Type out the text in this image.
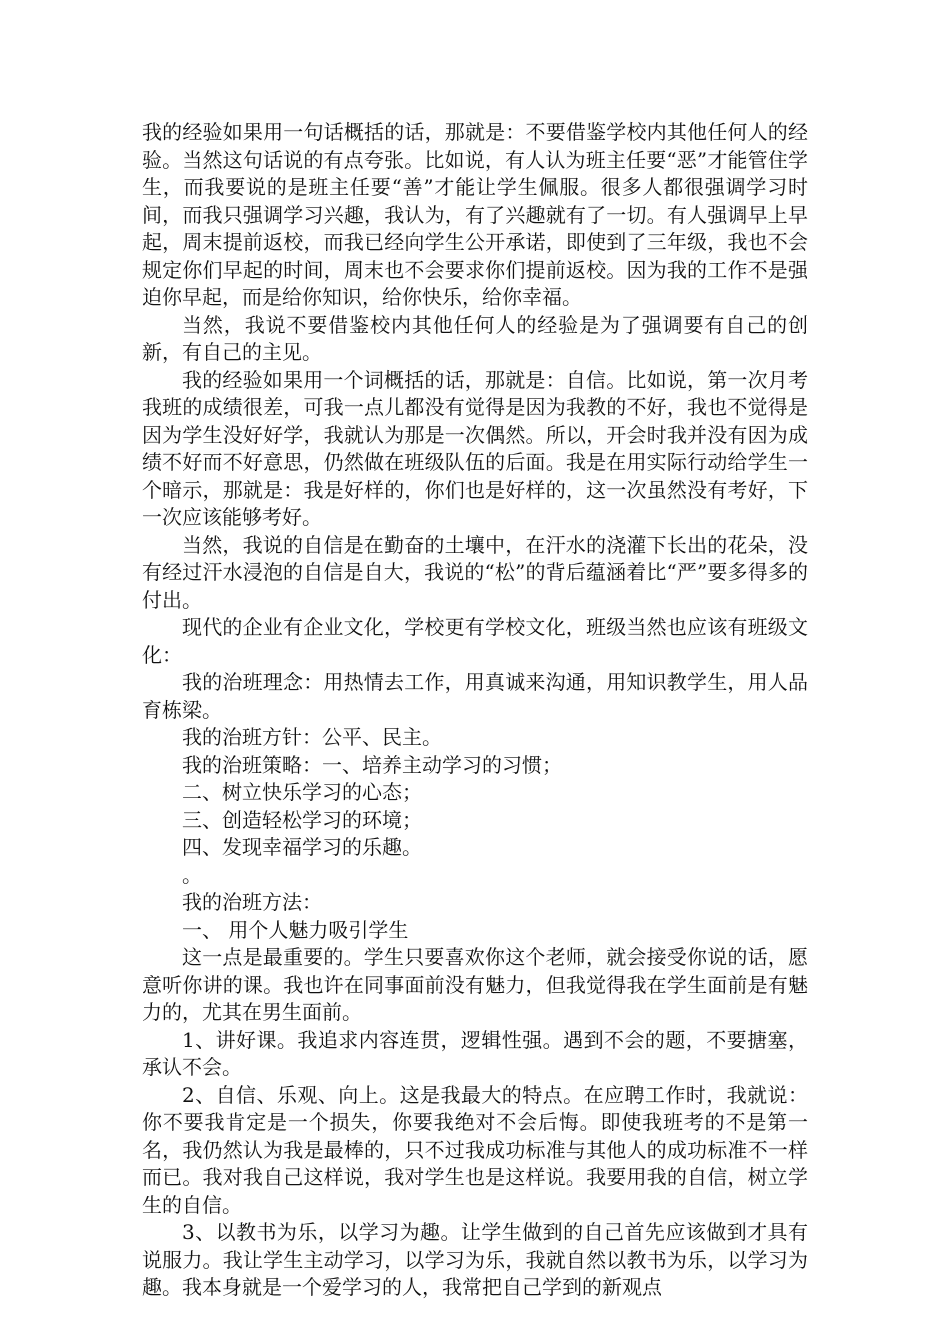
我的经验如果用一句话概括的话，那就是：不要借鉴学校内其他任何人的经验。当然这句话说的有点夸张。比如说，有人认为班主任要“恶”才能管住学生，而我要说的是班主任要“善”才能让学生佩服。很多人都很强调学习时间，而我只强调学习兴趣，我认为，有了兴趣就有了一切。有人强调早上早起，周末提前返校，而我已经向学生公开承诺，即使到了三年级，我也不会规定你们早起的时间，周末也不会要求你们提前返校。因为我的工作不是强迫你早起，而是给你知识，给你快乐，给你幸福。

当然，我说不要借鉴校内其他任何人的经验是为了强调要有自己的创新，有自己的主见。

我的经验如果用一个词概括的话，那就是：自信。比如说，第一次月考我班的成绩很差，可我一点儿都没有觉得是因为我教的不好，我也不觉得是因为学生没好好学，我就认为那是一次偶然。所以，开会时我并没有因为成绩不好而不好意思，仍然做在班级队伍的后面。我是在用实际行动给学生一个暗示，那就是：我是好样的，你们也是好样的，这一次虽然没有考好，下一次应该能够考好。

当然，我说的自信是在勤奋的土壤中，在汗水的浇灌下长出的花朵，没有经过汗水浸泡的自信是自大，我说的“松”的背后蕴涵着比“严”要多得多的付出。

现代的企业有企业文化，学校更有学校文化，班级当然也应该有班级文化：

我的治班理念：用热情去工作，用真诚来沟通，用知识教学生，用人品育栋梁。

我的治班方针：公平、民主。

我的治班策略：一、培养主动学习的习惯；

二、树立快乐学习的心态；

三、创造轻松学习的环境；

四、发现幸福学习的乐趣。

。

我的治班方法：

一、 用个人魅力吸引学生

这一点是最重要的。学生只要喜欢你这个老师，就会接受你说的话，愿意听你讲的课。我也许在同事面前没有魅力，但我觉得我在学生面前是有魅力的，尤其在男生面前。

1、讲好课。我追求内容连贯，逻辑性强。遇到不会的题，不要搪塞，承认不会。

2、自信、乐观、向上。这是我最大的特点。在应聘工作时，我就说：你不要我肯定是一个损失，你要我绝对不会后悔。即使我班考的不是第一名，我仍然认为我是最棒的，只不过我成功标准与其他人的成功标准不一样而已。我对我自己这样说，我对学生也是这样说。我要用我的自信，树立学生的自信。

3、以教书为乐，以学习为趣。让学生做到的自己首先应该做到才具有说服力。我让学生主动学习，以学习为乐，我就自然以教书为乐，以学习为趣。我本身就是一个爱学习的人，我常把自己学到的新观点
